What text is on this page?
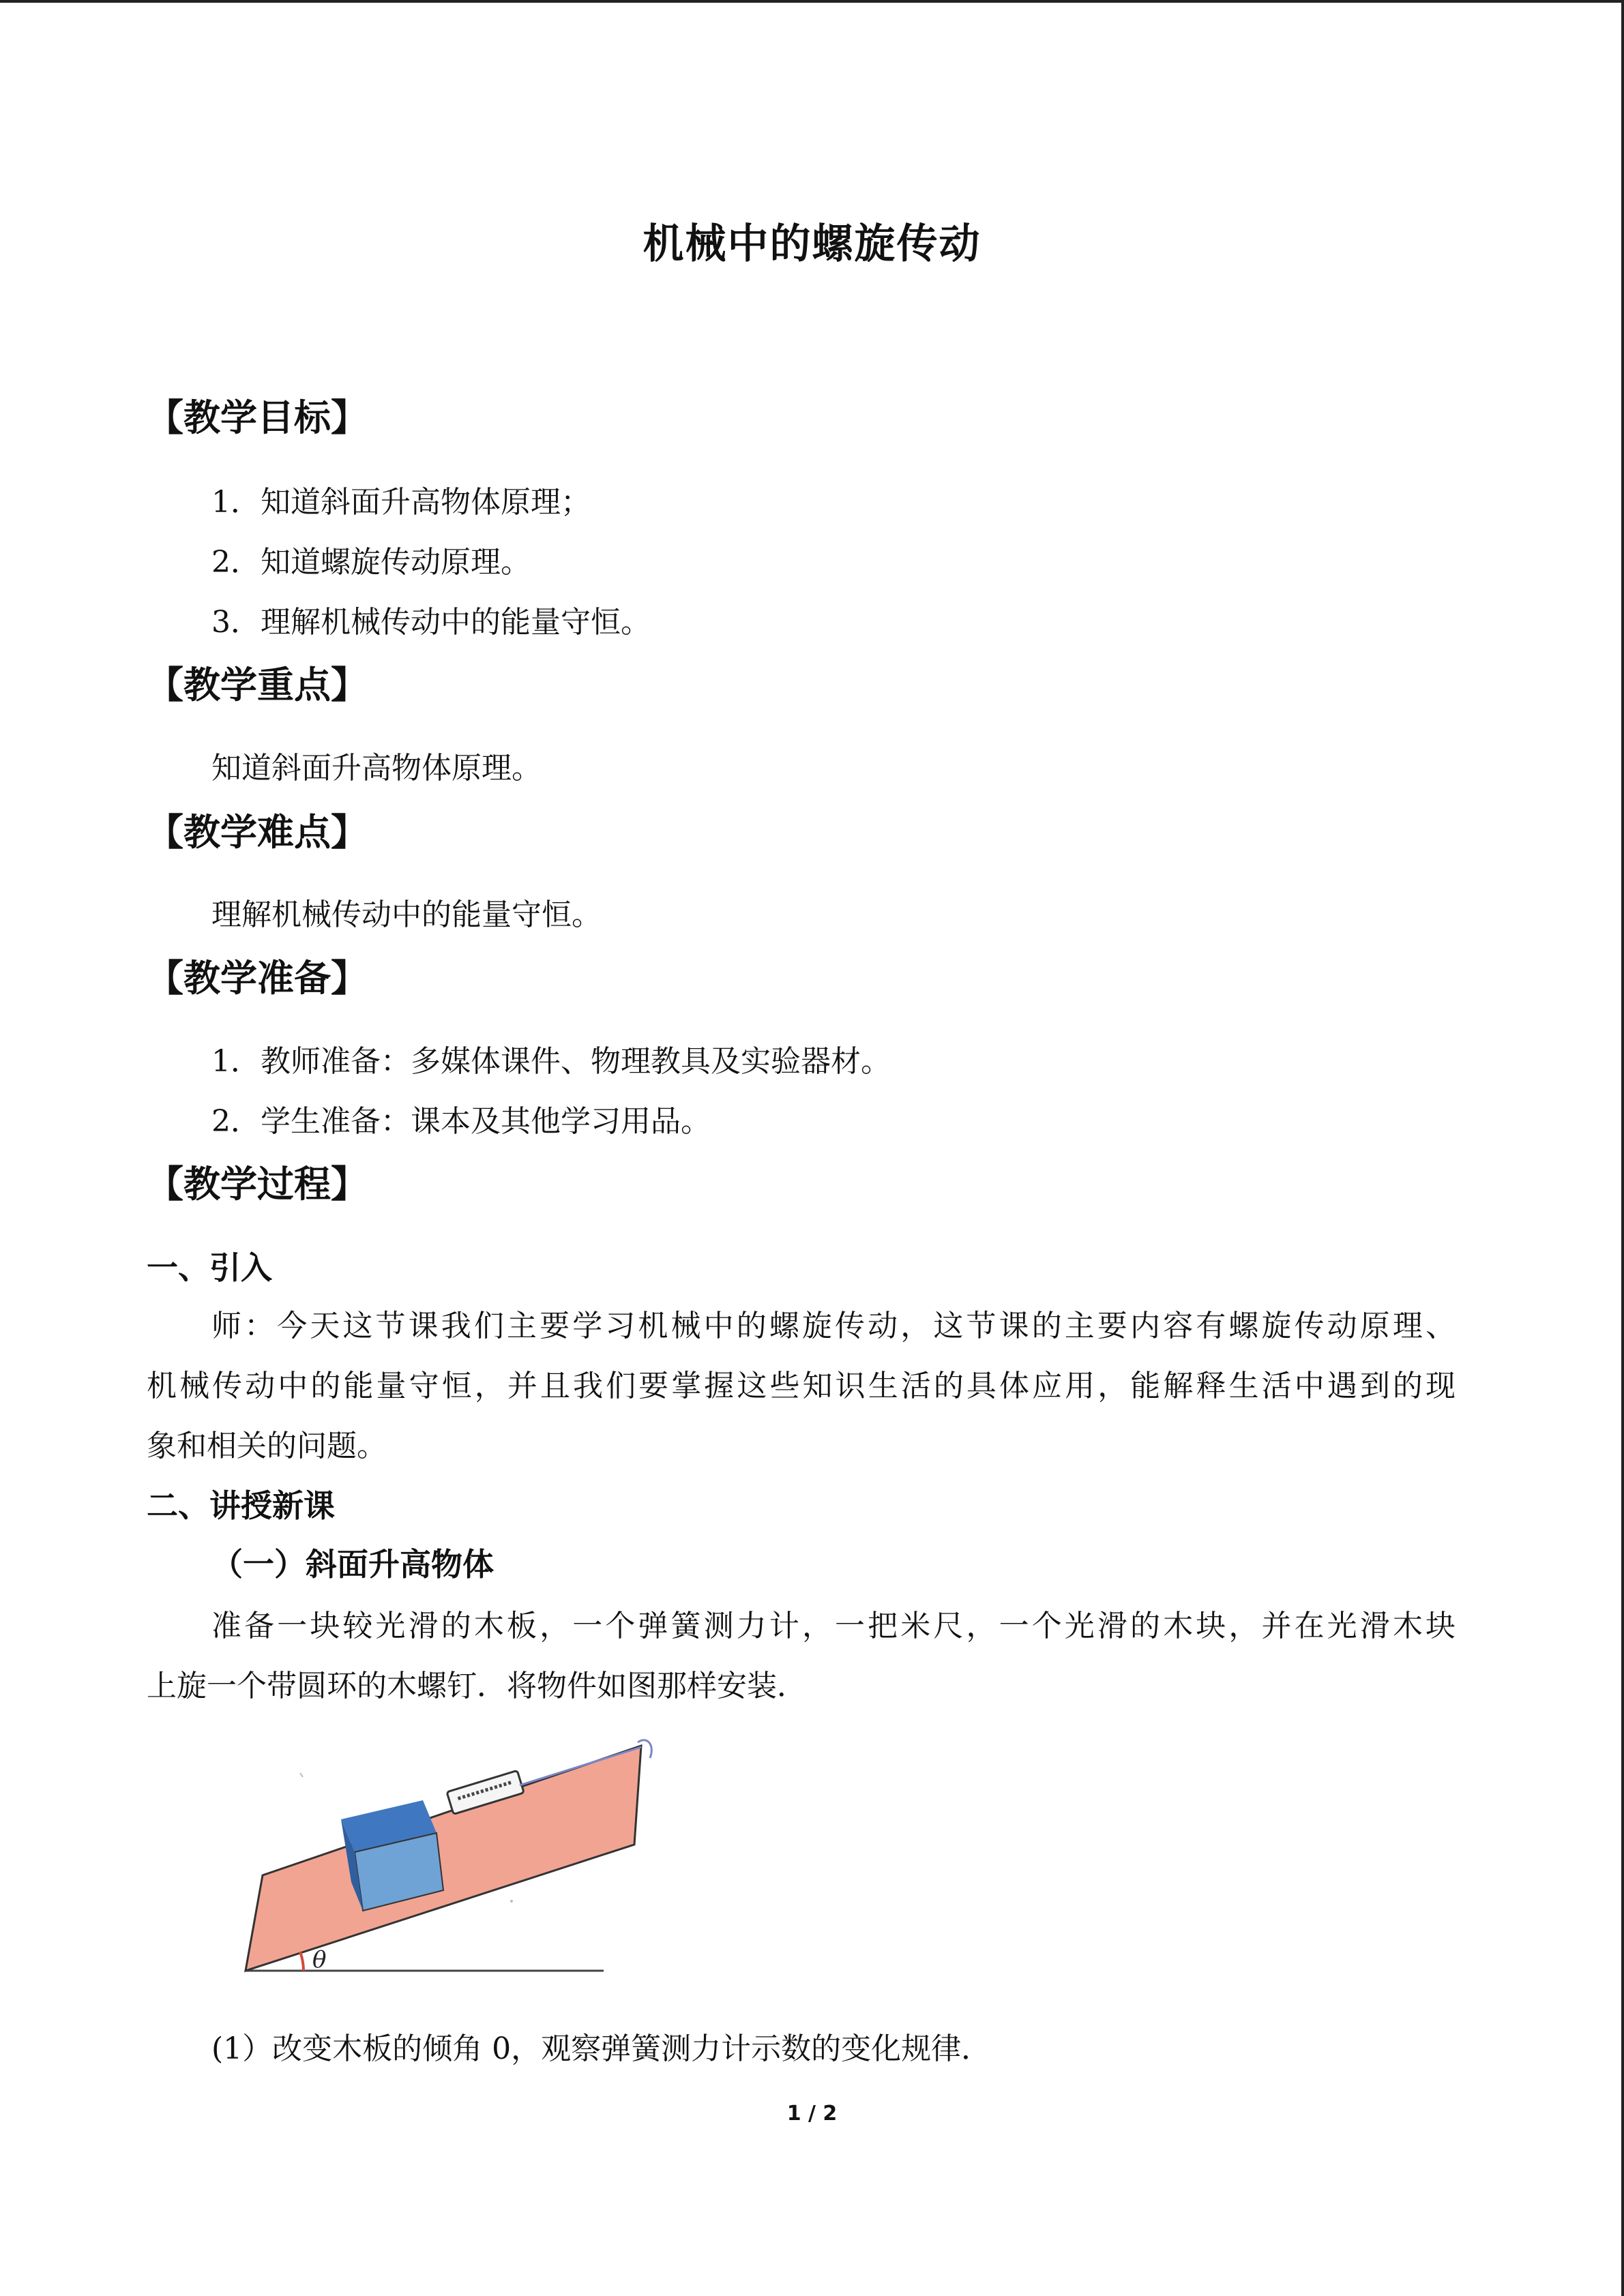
机械中的螺旋传动
【教学目标】
1．知道斜面升高物体原理；
2．知道螺旋传动原理。
3．理解机械传动中的能量守恒。
【教学重点】
知道斜面升高物体原理。
【教学难点】
理解机械传动中的能量守恒。
【教学准备】
1．教师准备：多媒体课件、物理教具及实验器材。
2．学生准备：课本及其他学习用品。
【教学过程】
一、引入
师：今天这节课我们主要学习机械中的螺旋传动，这节课的主要内容有螺旋传动原理、
机械传动中的能量守恒，并且我们要掌握这些知识生活的具体应用，能解释生活中遇到的现
象和相关的问题。
二、讲授新课
（一）斜面升高物体
准备一块较光滑的木板，一个弹簧测力计，一把米尺，一个光滑的木块，并在光滑木块
上旋一个带圆环的木螺钉．将物件如图那样安装．
θ
(1）改变木板的倾角 0，观察弹簧测力计示数的变化规律．
1 / 2
